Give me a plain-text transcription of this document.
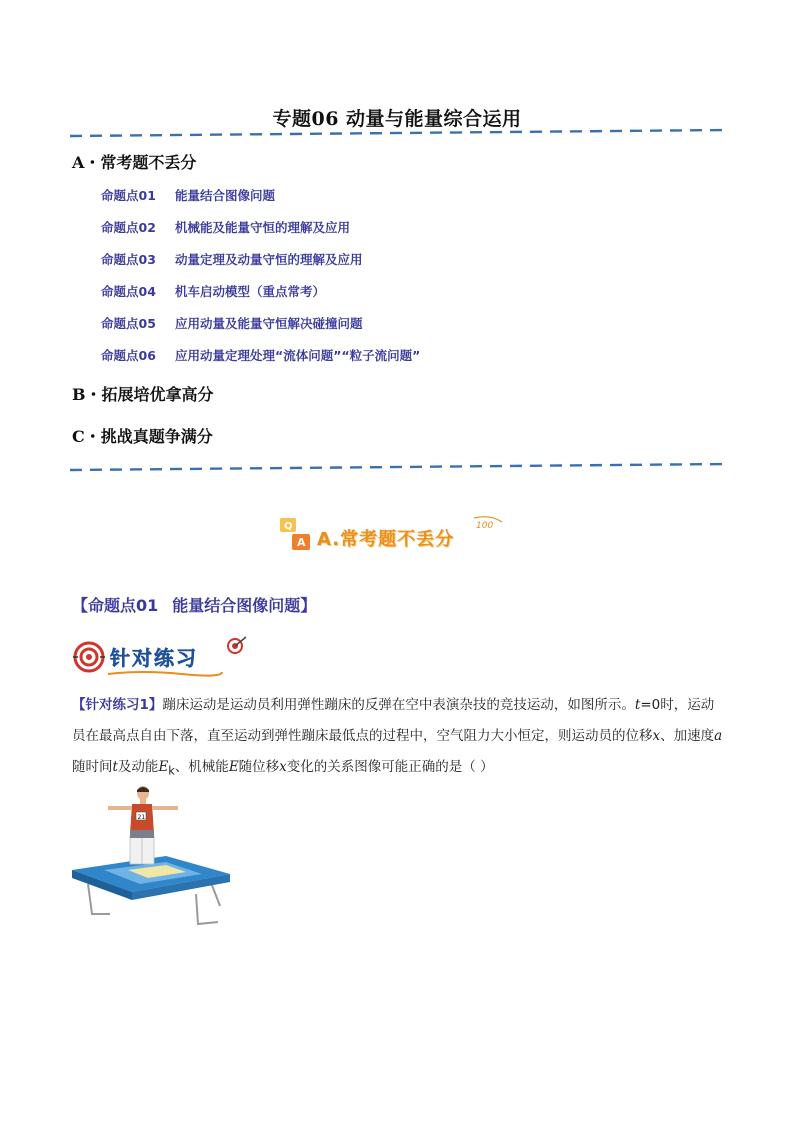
专题06 动量与能量综合运用
A・常考题不丢分
命题点01 能量结合图像问题
命题点02 机械能及能量守恒的理解及应用
命题点03 动量定理及动量守恒的理解及应用
命题点04 机车启动模型（重点常考）
命题点05 应用动量及能量守恒解决碰撞问题
命题点06 应用动量定理处理“流体问题”“粒子流问题”
B・拓展培优拿高分
C・挑战真题争满分
Q
A
100
A.常考题不丢分
【命题点01 能量结合图像问题】
针对练习
【针对练习1】蹦床运动是运动员利用弹性蹦床的反弹在空中表演杂技的竞技运动，如图所示。t=0时，运动员在最高点自由下落，直至运动到弹性蹦床最低点的过程中，空气阻力大小恒定，则运动员的位移x、加速度a随时间t及动能$E_k$、机械能E随位移x变化的关系图像可能正确的是（ ）
21
